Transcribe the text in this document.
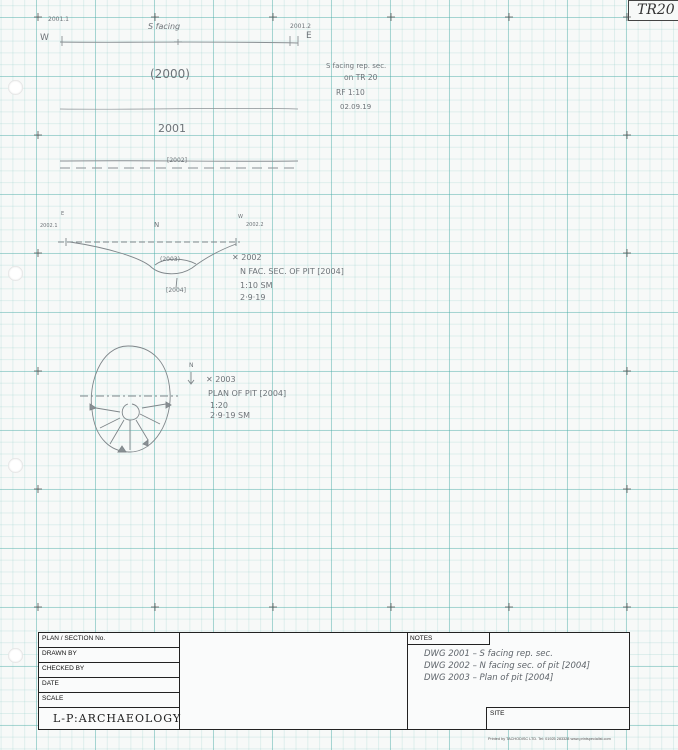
TR20
2001.1
2001.2
W	E
S facing
(2000)
2001
[2002]
S facing rep. sec.
on TR 20
RF 1:10
02.09.19
2002.1
E
N	2002.2
W
(2003)
[2004]
✕ 2002
N FAC. SEC. OF PIT [2004]
1:10 SM
2·9·19
N
✕ 2003
PLAN OF PIT [2004]
1:20
2·9·19 SM
PLAN / SECTION No.
DRAWN BY
CHECKED BY
DATE
SCALE
NOTES
SITE
DWG 2001 – S facing rep. sec.
DWG 2002 – N facing sec. of pit [2004]
DWG 2003 – Plan of pit [2004]
L-P:ARCHAEOLOGY
Printed by TACHODISC LTD. Tel: 01925 283328 www.printspecialist.com
